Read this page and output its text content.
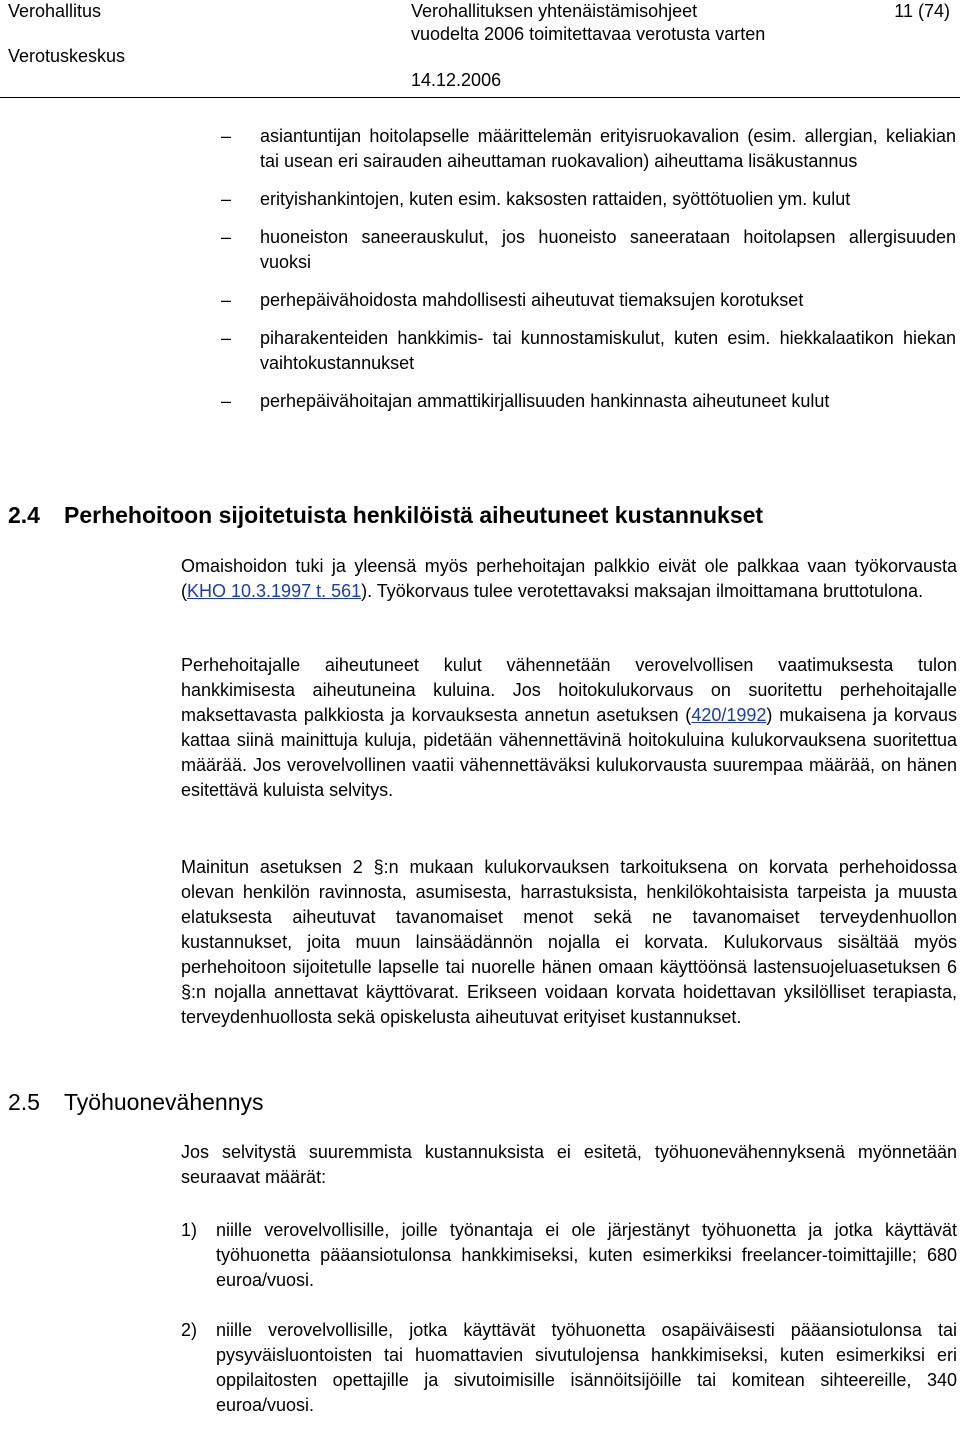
Verohallitus
Verotuskeskus
Verohallituksen yhtenäistämisohjeet
vuodelta 2006 toimitettavaa verotusta varten
14.12.2006
11 (74)
– asiantuntijan hoitolapselle määrittelemän erityisruokavalion (esim. allergian, keliakian tai usean eri sairauden aiheuttaman ruokavalion) aiheuttama lisäkustannus
– erityishankintojen, kuten esim. kaksosten rattaiden, syöttötuolien ym. kulut
– huoneiston saneerauskulut, jos huoneisto saneerataan hoitolapsen allergisuuden vuoksi
– perhepäivähoidosta mahdollisesti aiheutuvat tiemaksujen korotukset
– piharakenteiden hankkimis- tai kunnostamiskulut, kuten esim. hiekkalaatikon hiekan vaihtokustannukset
– perhepäivähoitajan ammattikirjallisuuden hankinnasta aiheutuneet kulut
2.4 Perhehoitoon sijoitetuista henkilöistä aiheutuneet kustannukset

Omaishoidon tuki ja yleensä myös perhehoitajan palkkio eivät ole palkkaa vaan työkorvausta (KHO 10.3.1997 t. 561). Työkorvaus tulee verotettavaksi maksajan ilmoittamana bruttotulona.

Perhehoitajalle aiheutuneet kulut vähennetään verovelvollisen vaatimuksesta tulon hankkimisesta aiheutuneina kuluina. Jos hoitokulukorvaus on suoritettu perhehoitajalle maksettavasta palkkiosta ja korvauksesta annetun asetuksen (420/1992) mukaisena ja korvaus kattaa siinä mainittuja kuluja, pidetään vähennettävinä hoitokuluina kulukorvauksena suoritettua määrää. Jos verovelvollinen vaatii vähennettäväksi kulukorvausta suurempaa määrää, on hänen esitettävä kuluista selvitys.

Mainitun asetuksen 2 §:n mukaan kulukorvauksen tarkoituksena on korvata perhehoidossa olevan henkilön ravinnosta, asumisesta, harrastuksista, henkilökohtaisista tarpeista ja muusta elatuksesta aiheutuvat tavanomaiset menot sekä ne tavanomaiset terveydenhuollon kustannukset, joita muun lainsäädännön nojalla ei korvata. Kulukorvaus sisältää myös perhehoitoon sijoitetulle lapselle tai nuorelle hänen omaan käyttöönsä lastensuojeluasetuksen 6 §:n nojalla annettavat käyttövarat. Erikseen voidaan korvata hoidettavan yksilölliset terapiasta, terveydenhuollosta sekä opiskelusta aiheutuvat erityiset kustannukset.

2.5 Työhuonevähennys

Jos selvitystä suuremmista kustannuksista ei esitetä, työhuonevähennyksenä myönnetään seuraavat määrät:

1) niille verovelvollisille, joille työnantaja ei ole järjestänyt työhuonetta ja jotka käyttävät työhuonetta pääansiotulonsa hankkimiseksi, kuten esimerkiksi freelancer-toimittajille; 680 euroa/vuosi.
2) niille verovelvollisille, jotka käyttävät työhuonetta osapäiväisesti pääansiotulonsa tai pysyväisluontoisten tai huomattavien sivutulojensa hankkimiseksi, kuten esimerkiksi eri oppilaitosten opettajille ja sivutoimisille isännöitsijöille tai komitean sihteereille, 340 euroa/vuosi.
